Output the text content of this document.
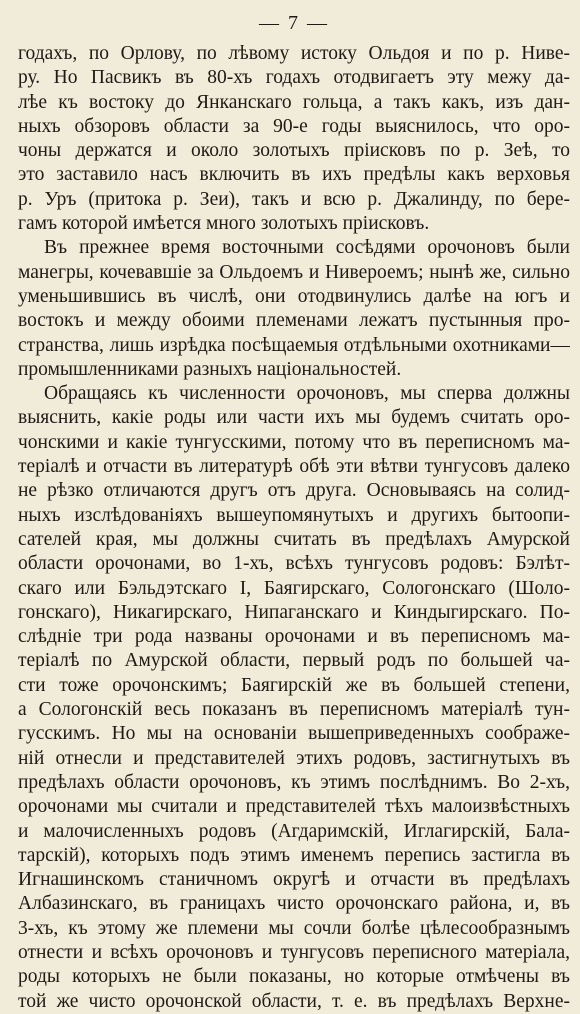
— 7 —
годахъ, по Орлову, по лѣвому истоку Ольдоя и по р. Ниве-
ру. Но Пасвикъ въ 80-хъ годахъ отодвигаетъ эту межу да-
лѣе къ востоку до Янканскаго гольца, а такъ какъ, изъ дан-
ныхъ обзоровъ области за 90-е годы выяснилось, что оро-
чоны держатся и около золотыхъ пріисковъ по р. Зеѣ, то
это заставило насъ включить въ ихъ предѣлы какъ верховья
р. Уръ (притока р. Зеи), такъ и всю р. Джалинду, по бере-
гамъ которой имѣется много золотыхъ пріисковъ.
Въ прежнее время восточными сосѣдями орочоновъ были
манегры, кочевавшіе за Ольдоемъ и Нивероемъ; нынѣ же, сильно
уменьшившись въ числѣ, они отодвинулись далѣе на югъ и
востокъ и между обоими племенами лежатъ пустынныя про-
странства, лишь изрѣдка посѣщаемыя отдѣльными охотниками—
промышленниками разныхъ національностей.
Обращаясь къ численности орочоновъ, мы сперва должны
выяснить, какіе роды или части ихъ мы будемъ считать оро-
чонскими и какіе тунгусскими, потому что въ переписномъ ма-
теріалѣ и отчасти въ литературѣ обѣ эти вѣтви тунгусовъ далеко
не рѣзко отличаются другъ отъ друга. Основываясь на солид-
ныхъ изслѣдованіяхъ вышеупомянутыхъ и другихъ бытоопи-
сателей края, мы должны считать въ предѣлахъ Амурской
области орочонами, во 1-хъ, всѣхъ тунгусовъ родовъ: Бэлѣт-
скаго или Бэльдэтскаго I, Баягирскаго, Сологонскаго (Шоло-
гонскаго), Никагирскаго, Нипаганскаго и Киндыгирскаго. По-
слѣдніе три рода названы орочонами и въ переписномъ ма-
теріалѣ по Амурской области, первый родъ по большей ча-
сти тоже орочонскимъ; Баягирскій же въ большей степени,
а Сологонскій весь показанъ въ переписномъ матеріалѣ тун-
гусскимъ. Но мы на основаніи вышеприведенныхъ соображе-
ній отнесли и представителей этихъ родовъ, застигнутыхъ въ
предѣлахъ области орочоновъ, къ этимъ послѣднимъ. Во 2-хъ,
орочонами мы считали и представителей тѣхъ малоизвѣстныхъ
и малочисленныхъ родовъ (Агдаримскій, Иглагирскій, Бала-
тарскій), которыхъ подъ этимъ именемъ перепись застигла въ
Игнашинскомъ станичномъ округѣ и отчасти въ предѣлахъ
Албазинскаго, въ границахъ чисто орочонскаго района, и, въ
3-хъ, къ этому же племени мы сочли болѣе цѣлесообразнымъ
отнести и всѣхъ орочоновъ и тунгусовъ переписного матеріала,
роды которыхъ не были показаны, но которые отмѣчены въ
той же чисто орочонской области, т. е. въ предѣлахъ Верхне-
